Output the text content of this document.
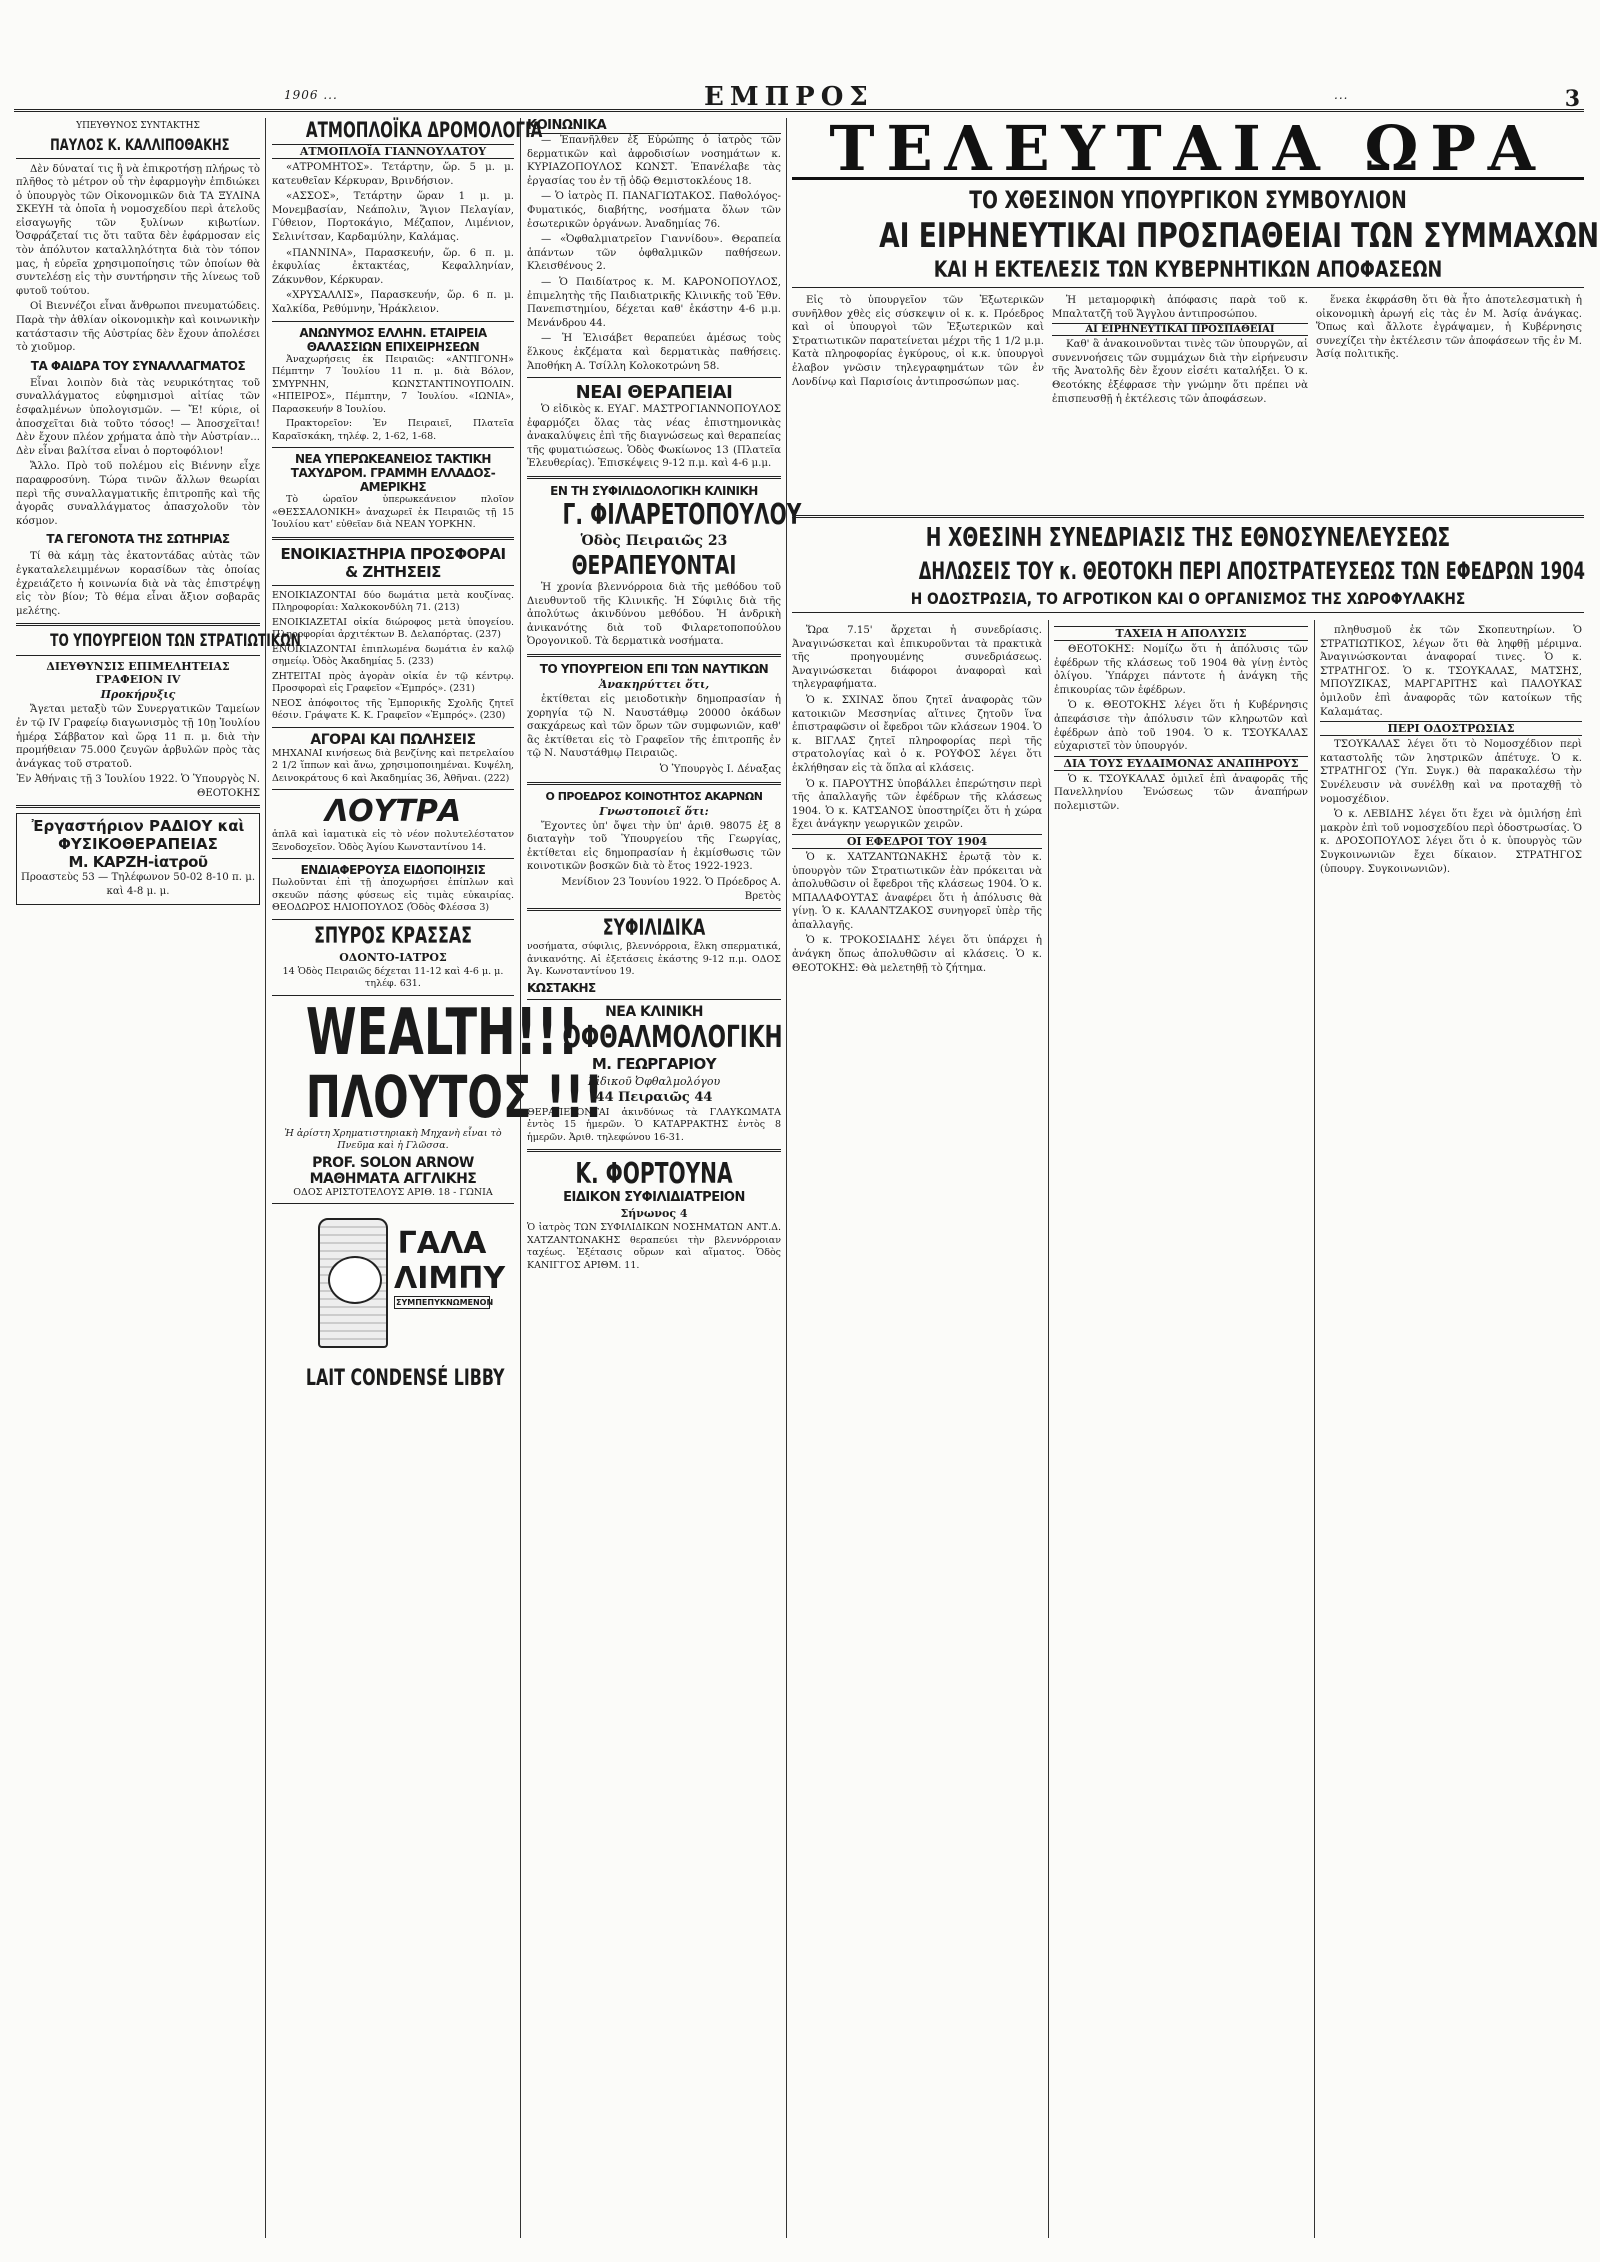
1906 ...	ΕΜΠΡΟΣ	...	3
ΥΠΕΥΘΥΝΟΣ ΣΥΝΤΑΚΤΗΣ
ΠΑΥΛΟΣ Κ. ΚΑΛΛΙΠΟΘΑΚΗΣ

Δὲν δύναταί τις ἢ νὰ ἐπικροτήσῃ πλήρως τὸ πλῆθος τὸ μέτρον οὗ τὴν ἐφαρμογὴν ἐπιδιώκει ὁ ὑπουργὸς τῶν Οἰκονομικῶν διὰ ΤΑ ΞΥΛΙΝΑ ΣΚΕΥΗ τὰ ὁποῖα ἡ νομοσχεδίου περὶ ἀτελοῦς εἰσαγωγῆς τῶν ξυλίνων κιβωτίων. Ὀσφράζεταί τις ὅτι ταῦτα δὲν ἐφάρμοσαν εἰς τὸν ἀπόλυτον καταλληλότητα διὰ τὸν τόπον μας, ἡ εὐρεῖα χρησιμοποίησις τῶν ὁποίων θὰ συντελέσῃ εἰς τὴν συντήρησιν τῆς λίνεως τοῦ φυτοῦ τούτου.

Οἱ Βιεννέζοι εἶναι ἄνθρωποι πνευματώδεις. Παρὰ τὴν ἀθλίαν οἰκονομικὴν καὶ κοινωνικὴν κατάστασιν τῆς Αὐστρίας δὲν ἔχουν ἀπολέσει τὸ χιοῦμορ.

ΤΑ ΦΑΙΔΡΑ ΤΟΥ ΣΥΝΑΛΛΑΓΜΑΤΟΣ

Εἶναι λοιπὸν διὰ τὰς νευρικότητας τοῦ συναλλάγματος εὐφημισμοὶ αἰτίας τῶν ἐσφαλμένων ὑπολογισμῶν. — Ἔ! κύριε, οἱ ἀποσχεῖται διὰ τοῦτο τόσος! — Ἀποσχεῖται! Δὲν ἔχουν πλέον χρήματα ἀπὸ τὴν Αὐστρίαν... Δὲν εἶναι βαλίτσα εἶναι ὁ πορτοφόλιον!

Ἄλλο. Πρὸ τοῦ πολέμου εἰς Βιέννην εἶχε παραφροσύνη. Τώρα τινῶν ἄλλων θεωρίαι περὶ τῆς συναλλαγματικῆς ἐπιτροπῆς καὶ τῆς ἀγορᾶς συναλλάγματος ἀπασχολοῦν τὸν κόσμον.

ΤΑ ΓΕΓΟΝΟΤΑ ΤΗΣ ΣΩΤΗΡΙΑΣ

Τί θὰ κάμῃ τὰς ἑκατοντάδας αὐτὰς τῶν ἐγκαταλελειμμένων κορασίδων τὰς ὁποίας ἐχρειάζετο ἡ κοινωνία διὰ νὰ τὰς ἐπιστρέψῃ εἰς τὸν βίον; Τὸ θέμα εἶναι ἄξιον σοβαρᾶς μελέτης.

ΤΟ ΥΠΟΥΡΓΕΙΟΝ ΤΩΝ ΣΤΡΑΤΙΩΤΙΚΩΝ
ΔΙΕΥΘΥΝΣΙΣ ΕΠΙΜΕΛΗΤΕΙΑΣ ΓΡΑΦΕΙΟΝ IV
Προκήρυξις

Ἄγεται μεταξὺ τῶν Συνεργατικῶν Ταμείων ἐν τῷ IV Γραφείῳ διαγωνισμὸς τῇ 10ῃ Ἰουλίου ἡμέρᾳ Σάββατον καὶ ὥρᾳ 11 π. μ. διὰ τὴν προμήθειαν 75.000 ζευγῶν ἀρβυλῶν πρὸς τὰς ἀνάγκας τοῦ στρατοῦ.

Ἐν Ἀθήναις τῇ 3 Ἰουλίου 1922. Ὁ Ὑπουργὸς Ν. ΘΕΟΤΟΚΗΣ

Ἐργαστήριον ΡΑΔΙΟΥ καὶ ΦΥΣΙΚΟΘΕΡΑΠΕΙΑΣ
Μ. ΚΑΡΖΗ-ἰατροῦ
Προαστεὺς 53 — Τηλέφωνον 50-02 8-10 π. μ. καὶ 4-8 μ. μ.
ΑΤΜΟΠΛΟΪΚΑ ΔΡΟΜΟΛΟΓΙΑ
ΑΤΜΟΠΛΟΪΑ ΓΙΑΝΝΟΥΛΑΤΟΥ

«ΑΤΡΟΜΗΤΟΣ». Τετάρτην, ὥρ. 5 μ. μ. κατευθεῖαν Κέρκυραν, Βρινδήσιον.

«ΑΣΣΟΣ», Τετάρτην ὥραν 1 μ. μ. Μονεμβασίαν, Νεάπολιν, Ἅγιον Πελαγίαν, Γύθειον, Πορτοκάγιο, Μέζαπον, Λιμένιον, Σελινίτσαν, Καρδαμύλην, Καλάμας.

«ΠΑΝΝΙΝΑ», Παρασκευήν, ὥρ. 6 π. μ. ἐκφυλίας ἐκτακτέας, Κεφαλληνίαν, Ζάκυνθον, Κέρκυραν.

«ΧΡΥΣΑΛΛΙΣ», Παρασκευήν, ὥρ. 6 π. μ. Χαλκίδα, Ρεθύμνην, Ἡράκλειον.

ΑΝΩΝΥΜΟΣ ΕΛΛΗΝ. ΕΤΑΙΡΕΙΑ ΘΑΛΑΣΣΙΩΝ ΕΠΙΧΕΙΡΗΣΕΩΝ

Ἀναχωρήσεις ἐκ Πειραιῶς: «ΑΝΤΙΓΟΝΗ» Πέμπτην 7 Ἰουλίου 11 π. μ. διὰ Βόλον, ΣΜΥΡΝΗΝ, ΚΩΝΣΤΑΝΤΙΝΟΥΠΟΛΙΝ. «ΗΠΕΙΡΟΣ», Πέμπτην, 7 Ἰουλίου. «ΙΩΝΙΑ», Παρασκευήν 8 Ἰουλίου.

Πρακτορεῖον: Ἐν Πειραιεῖ, Πλατεῖα Καραϊσκάκη, τηλέφ. 2, 1-62, 1-68.

ΝΕΑ ΥΠΕΡΩΚΕΑΝΕΙΟΣ ΤΑΚΤΙΚΗ ΤΑΧΥΔΡΟΜ. ΓΡΑΜΜΗ ΕΛΛΑΔΟΣ-ΑΜΕΡΙΚΗΣ

Τὸ ὡραῖον ὑπερωκεάνειον πλοῖον «ΘΕΣΣΑΛΟΝΙΚΗ» ἀναχωρεῖ ἐκ Πειραιῶς τῇ 15 Ἰουλίου κατ' εὐθεῖαν διὰ ΝΕΑΝ ΥΟΡΚΗΝ.

ΕΝΟΙΚΙΑΣΤΗΡΙΑ ΠΡΟΣΦΟΡΑΙ & ΖΗΤΗΣΕΙΣ

ΕΝΟΙΚΙΑΖΟΝΤΑΙ δύο δωμάτια μετὰ κουζίνας. Πληροφορίαι: Χαλκοκονδύλη 71. (213)

ΕΝΟΙΚΙΑΖΕΤΑΙ οἰκία διώροφος μετὰ ὑπογείου. Πληροφορίαι ἀρχιτέκτων Β. Δελαπόρτας. (237)

ΕΝΟΙΚΙΑΖΟΝΤΑΙ ἐπιπλωμένα δωμάτια ἐν καλῷ σημείῳ. Ὁδὸς Ἀκαδημίας 5. (233)

ΖΗΤΕΙΤΑΙ πρὸς ἀγορὰν οἰκία ἐν τῷ κέντρῳ. Προσφοραὶ εἰς Γραφεῖον «Ἐμπρός». (231)

ΝΕΟΣ ἀπόφοιτος τῆς Ἐμπορικῆς Σχολῆς ζητεῖ θέσιν. Γράψατε Κ. Κ. Γραφεῖον «Ἐμπρός». (230)

ΑΓΟΡΑΙ ΚΑΙ ΠΩΛΗΣΕΙΣ

ΜΗΧΑΝΑΙ κινήσεως διὰ βενζίνης καὶ πετρελαίου 2 1/2 ἵππων καὶ ἄνω, χρησιμοποιημέναι. Κυψέλη, Δεινοκράτους 6 καὶ Ἀκαδημίας 36, Ἀθῆναι. (222)

ΛΟΥΤΡΑ

ἁπλᾶ καὶ ἰαματικὰ εἰς τὸ νέον πολυτελέστατον Ξενοδοχεῖον. Ὁδὸς Ἁγίου Κωνσταντίνου 14.

ΕΝΔΙΑΦΕΡΟΥΣΑ ΕΙΔΟΠΟΙΗΣΙΣ

Πωλοῦνται ἐπὶ τῇ ἀποχωρήσει ἐπίπλων καὶ σκευῶν πάσης φύσεως εἰς τιμὰς εὐκαιρίας. ΘΕΟΔΩΡΟΣ ΗΛΙΟΠΟΥΛΟΣ (Ὁδὸς Φλέσσα 3)

ΣΠΥΡΟΣ ΚΡΑΣΣΑΣ
ΟΔΟΝΤΟ-ΙΑΤΡΟΣ

14 Ὁδὸς Πειραιῶς δέχεται 11-12 καὶ 4-6 μ. μ. τηλέφ. 631.

WEALTH!!!
ΠΛΟΥΤΟΣ !!!

Ἡ ἀρίστη Χρηματιστηριακὴ Μηχανὴ εἶναι τὸ Πνεῦμα καὶ ἡ Γλῶσσα.

PROF. SOLON ARNOW
ΜΑΘΗΜΑΤΑ ΑΓΓΛΙΚΗΣ

ΟΔΟΣ ΑΡΙΣΤΟΤΕΛΟΥΣ ΑΡΙΘ. 18 - ΓΩΝΙΑ

ΓΑΛΑ
ΛΙΜΠΥ
ΣΥΜΠΕΠΥΚΝΩΜΕΝΟΝ
LAIT CONDENSÉ LIBBY
ΚΟΙΝΩΝΙΚΑ

— Ἐπανῆλθεν ἐξ Εὐρώπης ὁ ἰατρὸς τῶν δερματικῶν καὶ ἀφροδισίων νοσημάτων κ. ΚΥΡΙΑΖΟΠΟΥΛΟΣ ΚΩΝΣΤ. Ἐπανέλαβε τὰς ἐργασίας του ἐν τῇ ὁδῷ Θεμιστοκλέους 18.

— Ὁ ἰατρὸς Π. ΠΑΝΑΓΙΩΤΑΚΟΣ. Παθολόγος-Φυματικός, διαβήτης, νοσήματα ὅλων τῶν ἐσωτερικῶν ὀργάνων. Ἀναδημίας 76.

— «Ὀφθαλμιατρεῖον Γιαννίδου». Θεραπεία ἁπάντων τῶν ὀφθαλμικῶν παθήσεων. Κλεισθένους 2.

— Ὁ Παιδίατρος κ. Μ. ΚΑΡΟΝΟΠΟΥΛΟΣ, ἐπιμελητὴς τῆς Παιδιατρικῆς Κλινικῆς τοῦ Ἐθν. Πανεπιστημίου, δέχεται καθ' ἑκάστην 4-6 μ.μ. Μενάνδρου 44.

— Ἡ Ἐλισάβετ θεραπεύει ἀμέσως τοὺς ἕλκους ἐκζέματα καὶ δερματικὰς παθήσεις. Ἀποθήκη Α. Τσίλλη Κολοκοτρώνη 58.

ΝΕΑΙ ΘΕΡΑΠΕΙΑΙ

Ὁ εἰδικὸς κ. ΕΥΑΓ. ΜΑΣΤΡΟΓΙΑΝΝΟΠΟΥΛΟΣ ἐφαρμόζει ὅλας τὰς νέας ἐπιστημονικὰς ἀνακαλύψεις ἐπὶ τῆς διαγνώσεως καὶ θεραπείας τῆς φυματιώσεως. Ὁδὸς Φωκίωνος 13 (Πλατεῖα Ἐλευθερίας). Ἐπισκέψεις 9-12 π.μ. καὶ 4-6 μ.μ.

ΕΝ ΤΗ ΣΥΦΙΛΙΔΟΛΟΓΙΚΗ ΚΛΙΝΙΚΗ
Γ. ΦΙΛΑΡΕΤΟΠΟΥΛΟΥ
Ὁδὸς Πειραιῶς 23
ΘΕΡΑΠΕΥΟΝΤΑΙ

Ἡ χρονία βλεννόρροια διὰ τῆς μεθόδου τοῦ Διευθυντοῦ τῆς Κλινικῆς. Ἡ Σύφιλις διὰ τῆς ἀπολύτως ἀκινδύνου μεθόδου. Ἡ ἀνδρικὴ ἀνικανότης διὰ τοῦ Φιλαρετοποπούλου Ὀρογονικοῦ. Τὰ δερματικὰ νοσήματα.

ΤΟ ΥΠΟΥΡΓΕΙΟΝ ΕΠΙ ΤΩΝ ΝΑΥΤΙΚΩΝ
Ἀνακηρύττει ὅτι,

ἐκτίθεται εἰς μειοδοτικὴν δημοπρασίαν ἡ χορηγία τῷ Ν. Ναυστάθμῳ 20000 ὀκάδων σακχάρεως καὶ τῶν ὅρων τῶν συμφωνιῶν, καθ' ἃς ἐκτίθεται εἰς τὸ Γραφεῖον τῆς ἐπιτροπῆς ἐν τῷ Ν. Ναυστάθμῳ Πειραιῶς.

Ὁ Ὑπουργὸς Ι. Δέναξας

Ο ΠΡΟΕΔΡΟΣ ΚΟΙΝΟΤΗΤΟΣ ΑΚΑΡΝΩΝ
Γνωστοποιεῖ ὅτι:

Ἔχοντες ὑπ' ὄψει τὴν ὑπ' ἀριθ. 98075 ἐξ 8 διαταγὴν τοῦ Ὑπουργείου τῆς Γεωργίας, ἐκτίθεται εἰς δημοπρασίαν ἡ ἐκμίσθωσις τῶν κοινοτικῶν βοσκῶν διὰ τὸ ἔτος 1922-1923.

Μενίδιον 23 Ἰουνίου 1922. Ὁ Πρόεδρος Α. Βρετὸς

ΣΥΦΙΛΙΔΙΚΑ

νοσήματα, σύφιλις, βλεννόρροια, ἕλκη σπερματικά, ἀνικανότης. Αἱ ἐξετάσεις ἑκάστης 9-12 π.μ. ΟΔΟΣ Ἀγ. Κωνσταντίνου 19.

ΚΩΣΤΑΚΗΣ
ΝΕΑ ΚΛΙΝΙΚΗ
ΟΦΘΑΛΜΟΛΟΓΙΚΗ
Μ. ΓΕΩΡΓΑΡΙΟΥ
Εἰδικοῦ Ὀφθαλμολόγου
44 Πειραιῶς 44

ΘΕΡΑΠΕΥΟΝΤΑΙ ἀκινδύνως τὰ ΓΛΑΥΚΩΜΑΤΑ ἐντὸς 15 ἡμερῶν. Ὁ ΚΑΤΑΡΡΑΚΤΗΣ ἐντὸς 8 ἡμερῶν. Ἀριθ. τηλεφώνου 16-31.

Κ. ΦΟΡΤΟΥΝΑ
ΕΙΔΙΚΟΝ ΣΥΦΙΛΙΔΙΑΤΡΕΙΟΝ
Σήνωνος 4

Ὁ ἰατρὸς ΤΩΝ ΣΥΦΙΛΙΔΙΚΩΝ ΝΟΣΗΜΑΤΩΝ ΑΝΤ.Δ. ΧΑΤΖΑΝΤΩΝΑΚΗΣ θεραπεύει τὴν βλεννόρροιαν ταχέως. Ἐξέτασις οὔρων καὶ αἵματος. Ὁδὸς ΚΑΝΙΓΓΟΣ ΑΡΙΘΜ. 11.

ΤΕΛΕΥΤΑΙΑ ΩΡΑ
ΤΟ ΧΘΕΣΙΝΟΝ ΥΠΟΥΡΓΙΚΟΝ ΣΥΜΒΟΥΛΙΟΝ
ΑΙ ΕΙΡΗΝΕΥΤΙΚΑΙ ΠΡΟΣΠΑΘΕΙΑΙ ΤΩΝ ΣΥΜΜΑΧΩΝ
ΚΑΙ Η ΕΚΤΕΛΕΣΙΣ ΤΩΝ ΚΥΒΕΡΝΗΤΙΚΩΝ ΑΠΟΦΑΣΕΩΝ

Εἰς τὸ ὑπουργεῖον τῶν Ἐξωτερικῶν συνῆλθον χθὲς εἰς σύσκεψιν οἱ κ. κ. Πρόεδρος καὶ οἱ ὑπουργοὶ τῶν Ἐξωτερικῶν καὶ Στρατιωτικῶν παρατείνεται μέχρι τῆς 1 1/2 μ.μ. Κατὰ πληροφορίας ἐγκύρους, οἱ κ.κ. ὑπουργοὶ ἐλαβον γνῶσιν τηλεγραφημάτων τῶν ἐν Λονδίνῳ καὶ Παρισίοις ἀντιπροσώπων μας.

Ἡ μεταμορφικὴ ἀπόφασις παρὰ τοῦ κ. Μπαλτατζῆ τοῦ Ἄγγλου ἀντιπροσώπου.

ΑΙ ΕΙΡΗΝΕΥΤΙΚΑΙ ΠΡΟΣΠΑΘΕΙΑΙ

Καθ' ἃ ἀνακοινοῦνται τινὲς τῶν ὑπουργῶν, αἱ συνεννοήσεις τῶν συμμάχων διὰ τὴν εἰρήνευσιν τῆς Ἀνατολῆς δὲν ἔχουν εἰσέτι καταλήξει. Ὁ κ. Θεοτόκης ἐξέφρασε τὴν γνώμην ὅτι πρέπει νὰ ἐπισπευσθῇ ἡ ἐκτέλεσις τῶν ἀποφάσεων.

ἕνεκα ἐκφράσθη ὅτι θὰ ἦτο ἀποτελεσματικὴ ἡ οἰκονομικὴ ἀρωγή εἰς τὰς ἐν Μ. Ἀσίᾳ ἀνάγκας. Ὅπως καὶ ἄλλοτε ἐγράψαμεν, ἡ Κυβέρνησις συνεχίζει τὴν ἐκτέλεσιν τῶν ἀποφάσεων τῆς ἐν Μ. Ἀσίᾳ πολιτικῆς.

Η ΧΘΕΣΙΝΗ ΣΥΝΕΔΡΙΑΣΙΣ ΤΗΣ ΕΘΝΟΣΥΝΕΛΕΥΣΕΩΣ
ΔΗΛΩΣΕΙΣ ΤΟΥ κ. ΘΕΟΤΟΚΗ ΠΕΡΙ ΑΠΟΣΤΡΑΤΕΥΣΕΩΣ ΤΩΝ ΕΦΕΔΡΩΝ 1904
Η ΟΔΟΣΤΡΩΣΙΑ, ΤΟ ΑΓΡΟΤΙΚΟΝ ΚΑΙ Ο ΟΡΓΑΝΙΣΜΟΣ ΤΗΣ ΧΩΡΟΦΥΛΑΚΗΣ

Ὥρα 7.15' ἄρχεται ἡ συνεδρίασις. Ἀναγινώσκεται καὶ ἐπικυροῦνται τὰ πρακτικὰ τῆς προηγουμένης συνεδριάσεως. Ἀναγινώσκεται διάφοροι ἀναφοραὶ καὶ τηλεγραφήματα.

Ὁ κ. ΣΧΙΝΑΣ ὅπου ζητεῖ ἀναφορὰς τῶν κατοικιῶν Μεσσηνίας αἵτινες ζητοῦν ἵνα ἐπιστραφῶσιν οἱ ἔφεδροι τῶν κλάσεων 1904. Ὁ κ. ΒΙΓΛΑΣ ζητεῖ πληροφορίας περὶ τῆς στρατολογίας καὶ ὁ κ. ΡΟΥΦΟΣ λέγει ὅτι ἐκλήθησαν εἰς τὰ ὅπλα αἱ κλάσεις.

Ὁ κ. ΠΑΡΟΥΤΗΣ ὑποβάλλει ἐπερώτησιν περὶ τῆς ἀπαλλαγῆς τῶν ἐφέδρων τῆς κλάσεως 1904. Ὁ κ. ΚΑΤΣΑΝΟΣ ὑποστηρίζει ὅτι ἡ χώρα ἔχει ἀνάγκην γεωργικῶν χειρῶν.

ΟΙ ΕΦΕΔΡΟΙ ΤΟΥ 1904

Ὁ κ. ΧΑΤΖΑΝΤΩΝΑΚΗΣ ἐρωτᾷ τὸν κ. ὑπουργὸν τῶν Στρατιωτικῶν ἐὰν πρόκειται νὰ ἀπολυθῶσιν οἱ ἔφεδροι τῆς κλάσεως 1904. Ὁ κ. ΜΠΑΛΑΦΟΥΤΑΣ ἀναφέρει ὅτι ἡ ἀπόλυσις θὰ γίνῃ. Ὁ κ. ΚΑΛΑΝΤΖΑΚΟΣ συνηγορεῖ ὑπὲρ τῆς ἀπαλλαγῆς.

Ὁ κ. ΤΡΟΚΟΣΙΑΔΗΣ λέγει ὅτι ὑπάρχει ἡ ἀνάγκη ὅπως ἀπολυθῶσιν αἱ κλάσεις. Ὁ κ. ΘΕΟΤΟΚΗΣ: Θὰ μελετηθῇ τὸ ζήτημα.

ΤΑΧΕΙΑ Η ΑΠΟΛΥΣΙΣ

ΘΕΟΤΟΚΗΣ: Νομίζω ὅτι ἡ ἀπόλυσις τῶν ἐφέδρων τῆς κλάσεως τοῦ 1904 θὰ γίνῃ ἐντὸς ὀλίγου. Ὑπάρχει πάντοτε ἡ ἀνάγκη τῆς ἐπικουρίας τῶν ἐφέδρων.

Ὁ κ. ΘΕΟΤΟΚΗΣ λέγει ὅτι ἡ Κυβέρνησις ἀπεφάσισε τὴν ἀπόλυσιν τῶν κληρωτῶν καὶ ἐφέδρων ἀπὸ τοῦ 1904. Ὁ κ. ΤΣΟΥΚΑΛΑΣ εὐχαριστεῖ τὸν ὑπουργόν.

ΔΙΑ ΤΟΥΣ ΕΥΔΑΙΜΟΝΑΣ ΑΝΑΠΗΡΟΥΣ

Ὁ κ. ΤΣΟΥΚΑΛΑΣ ὁμιλεῖ ἐπὶ ἀναφορᾶς τῆς Πανελληνίου Ἑνώσεως τῶν ἀναπήρων πολεμιστῶν.

πληθυσμοῦ ἐκ τῶν Σκοπευτηρίων. Ὁ ΣΤΡΑΤΙΩΤΙΚΟΣ, λέγων ὅτι θὰ ληφθῇ μέριμνα. Ἀναγινώσκονται ἀναφοραί τινες. Ὁ κ. ΣΤΡΑΤΗΓΟΣ. Ὁ κ. ΤΣΟΥΚΑΛΑΣ, ΜΑΤΣΗΣ, ΜΠΟΥΖΙΚΑΣ, ΜΑΡΓΑΡΙΤΗΣ καὶ ΠΑΛΟΥΚΑΣ ὁμιλοῦν ἐπὶ ἀναφορᾶς τῶν κατοίκων τῆς Καλαμάτας.

ΠΕΡΙ ΟΔΟΣΤΡΩΣΙΑΣ

ΤΣΟΥΚΑΛΑΣ λέγει ὅτι τὸ Νομοσχέδιον περὶ καταστολῆς τῶν ληστρικῶν ἀπέτυχε. Ὁ κ. ΣΤΡΑΤΗΓΟΣ (Ὑπ. Συγκ.) θὰ παρακαλέσω τὴν Συνέλευσιν νὰ συνέλθῃ καὶ να προταχθῇ τὸ νομοσχέδιον.

Ὁ κ. ΛΕΒΙΔΗΣ λέγει ὅτι ἔχει νὰ ὁμιλήσῃ ἐπὶ μακρὸν ἐπὶ τοῦ νομοσχεδίου περὶ ὁδοστρωσίας. Ὁ κ. ΔΡΟΣΟΠΟΥΛΟΣ λέγει ὅτι ὁ κ. ὑπουργὸς τῶν Συγκοινωνιῶν ἔχει δίκαιον. ΣΤΡΑΤΗΓΟΣ (ὑπουργ. Συγκοινωνιῶν).
